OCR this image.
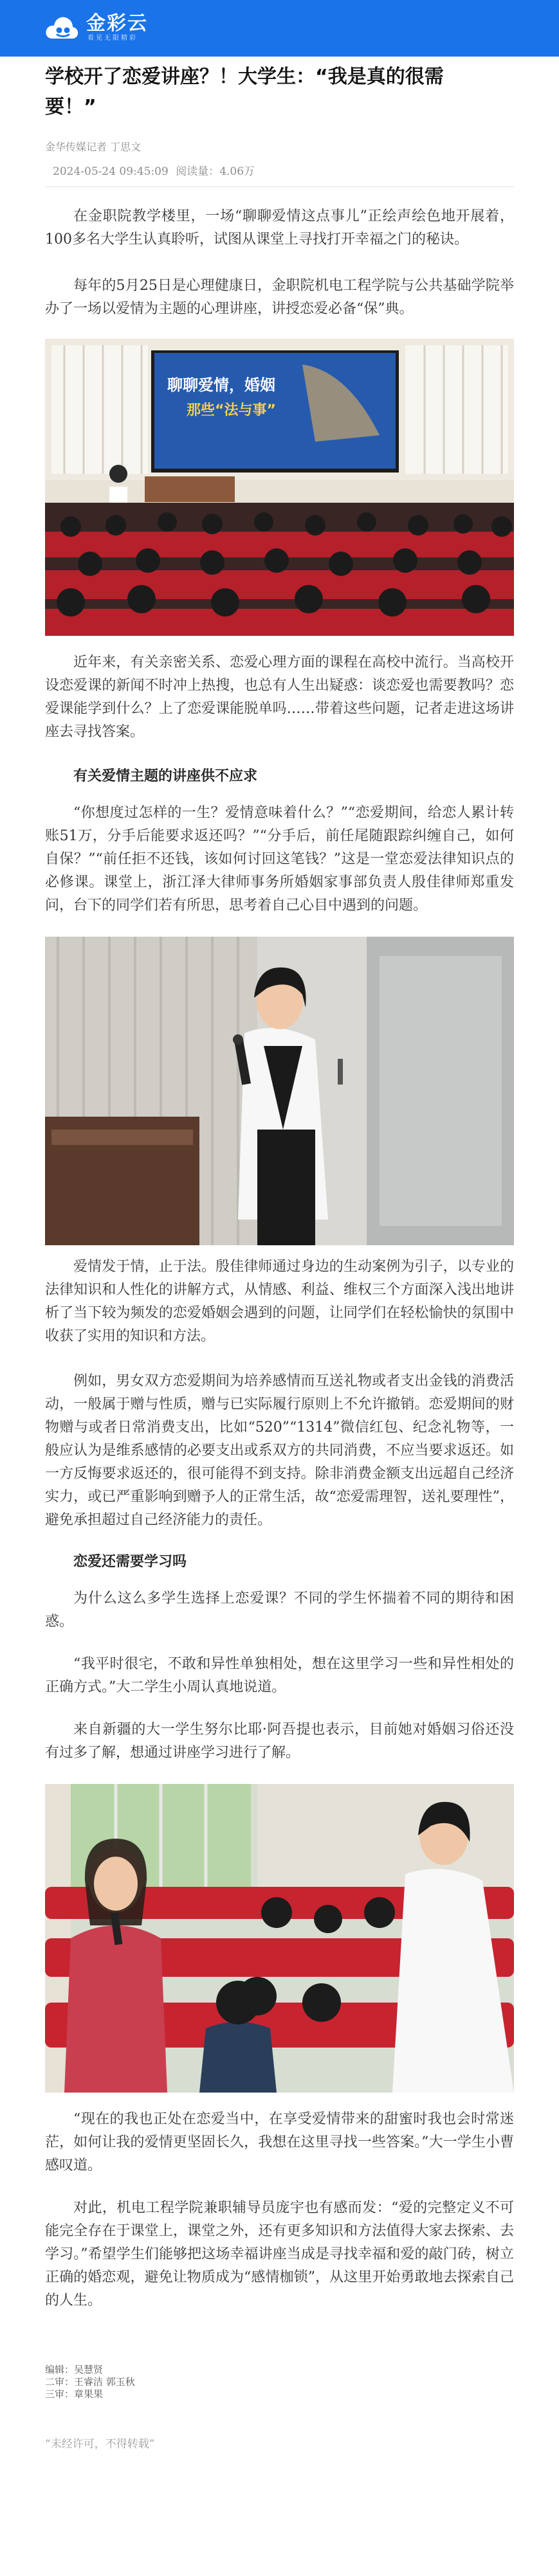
金彩云
看见无限精彩
学校开了恋爱讲座？！大学生：“我是真的很需要！”
金华传媒记者 丁思文
2024-05-24 09:45:09 阅读量：4.06万

在金职院教学楼里，一场“聊聊爱情这点事儿”正绘声绘色地开展着，100多名大学生认真聆听，试图从课堂上寻找打开幸福之门的秘诀。

每年的5月25日是心理健康日，金职院机电工程学院与公共基础学院举办了一场以爱情为主题的心理讲座，讲授恋爱必备“保”典。

聊聊爱情，婚姻
那些“法与事”

近年来，有关亲密关系、恋爱心理方面的课程在高校中流行。当高校开设恋爱课的新闻不时冲上热搜，也总有人生出疑惑：谈恋爱也需要教吗？恋爱课能学到什么？上了恋爱课能脱单吗……带着这些问题，记者走进这场讲座去寻找答案。

有关爱情主题的讲座供不应求

“你想度过怎样的一生？爱情意味着什么？”“恋爱期间，给恋人累计转账51万，分手后能要求返还吗？”“分手后，前任尾随跟踪纠缠自己，如何自保？”“前任拒不还钱，该如何讨回这笔钱？”这是一堂恋爱法律知识点的必修课。课堂上，浙江泽大律师事务所婚姻家事部负责人殷佳律师郑重发问，台下的同学们若有所思，思考着自己心目中遇到的问题。

爱情发于情，止于法。殷佳律师通过身边的生动案例为引子，以专业的法律知识和人性化的讲解方式，从情感、利益、维权三个方面深入浅出地讲析了当下较为频发的恋爱婚姻会遇到的问题，让同学们在轻松愉快的氛围中收获了实用的知识和方法。

例如，男女双方恋爱期间为培养感情而互送礼物或者支出金钱的消费活动，一般属于赠与性质，赠与已实际履行原则上不允许撤销。恋爱期间的财物赠与或者日常消费支出，比如“520”“1314”微信红包、纪念礼物等，一般应认为是维系感情的必要支出或系双方的共同消费，不应当要求返还。如一方反悔要求返还的，很可能得不到支持。除非消费金额支出远超自己经济实力，或已严重影响到赠予人的正常生活，故“恋爱需理智，送礼要理性”，避免承担超过自己经济能力的责任。

恋爱还需要学习吗

为什么这么多学生选择上恋爱课？不同的学生怀揣着不同的期待和困惑。

“我平时很宅，不敢和异性单独相处，想在这里学习一些和异性相处的正确方式。”大二学生小周认真地说道。

来自新疆的大一学生努尔比耶·阿吾提也表示，目前她对婚姻习俗还没有过多了解，想通过讲座学习进行了解。

“现在的我也正处在恋爱当中，在享受爱情带来的甜蜜时我也会时常迷茫，如何让我的爱情更坚固长久，我想在这里寻找一些答案。”大一学生小曹感叹道。

对此，机电工程学院兼职辅导员庞宇也有感而发：“爱的完整定义不可能完全存在于课堂上，课堂之外，还有更多知识和方法值得大家去探索、去学习。”希望学生们能够把这场幸福讲座当成是寻找幸福和爱的敲门砖，树立正确的婚恋观，避免让物质成为“感情枷锁”，从这里开始勇敢地去探索自己的人生。

编辑：吴慧贤
二审：王睿洁 郭玉秋
三审：章果果
“未经许可，不得转载”
